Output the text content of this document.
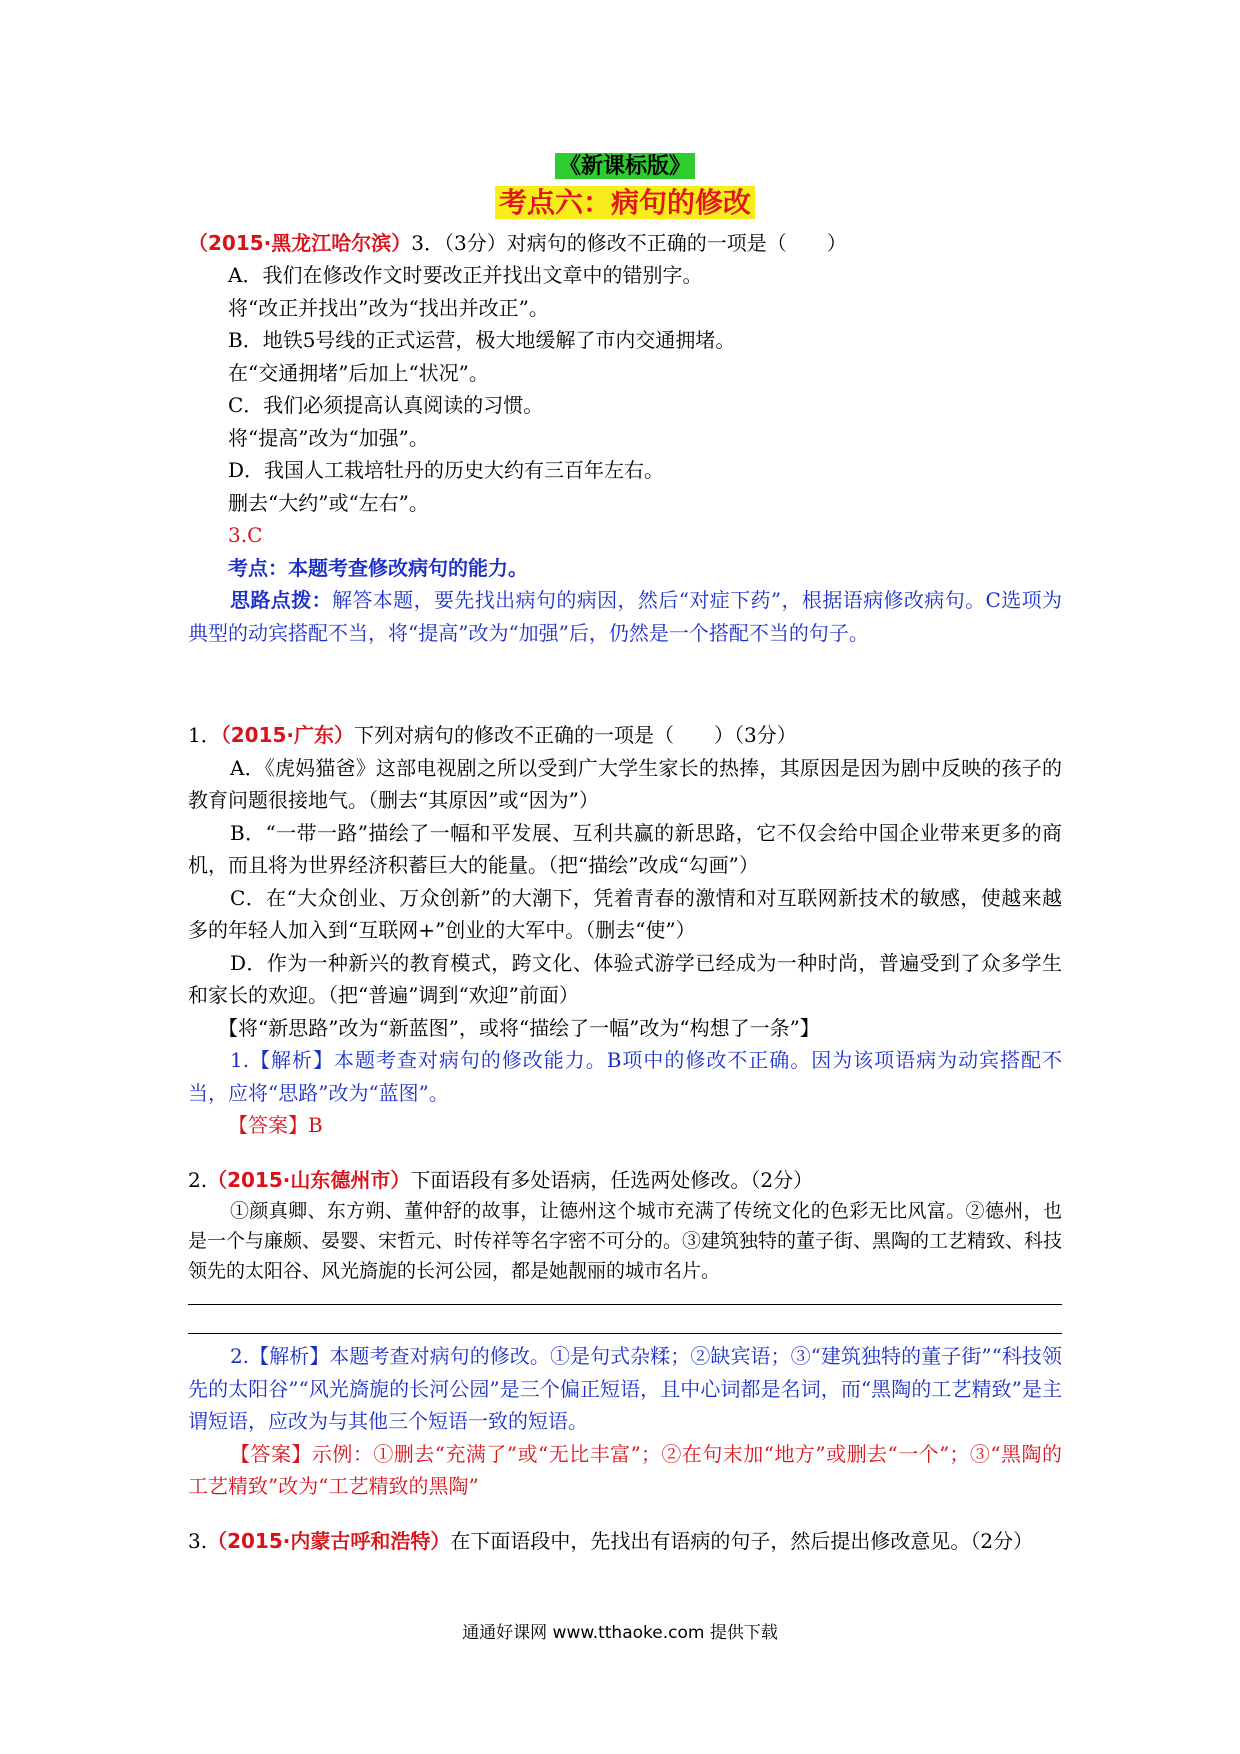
《新课标版》
考点六：病句的修改
（2015·黑龙江哈尔滨）3．（3分）对病句的修改不正确的一项是（　　）
A．我们在修改作文时要改正并找出文章中的错别字。
将“改正并找出”改为“找出并改正”。
B．地铁5号线的正式运营，极大地缓解了市内交通拥堵。
在“交通拥堵”后加上“状况”。
C．我们必须提高认真阅读的习惯。
将“提高”改为“加强”。
D．我国人工栽培牡丹的历史大约有三百年左右。
删去“大约”或“左右”。
3.C
考点：本题考查修改病句的能力。
思路点拨：解答本题，要先找出病句的病因，然后“对症下药”，根据语病修改病句。C选项为典型的动宾搭配不当，将“提高”改为“加强”后，仍然是一个搭配不当的句子。
1．（2015·广东）下列对病句的修改不正确的一项是（　　）（3分）
A．《虎妈猫爸》这部电视剧之所以受到广大学生家长的热捧，其原因是因为剧中反映的孩子的教育问题很接地气。（删去“其原因”或“因为”）
B．“一带一路”描绘了一幅和平发展、互利共赢的新思路，它不仅会给中国企业带来更多的商机，而且将为世界经济积蓄巨大的能量。（把“描绘”改成“勾画”）
C．在“大众创业、万众创新”的大潮下，凭着青春的激情和对互联网新技术的敏感，使越来越多的年轻人加入到“互联网+”创业的大军中。（删去“使”）
D．作为一种新兴的教育模式，跨文化、体验式游学已经成为一种时尚，普遍受到了众多学生和家长的欢迎。（把“普遍”调到“欢迎”前面）
【将“新思路”改为“新蓝图”，或将“描绘了一幅”改为“构想了一条”】
1.【解析】本题考查对病句的修改能力。B项中的修改不正确。因为该项语病为动宾搭配不当，应将“思路”改为“蓝图”。
【答案】B
2.（2015·山东德州市）下面语段有多处语病，任选两处修改。（2分）
①颜真卿、东方朔、董仲舒的故事，让德州这个城市充满了传统文化的色彩无比风富。②德州，也是一个与廉颇、晏婴、宋哲元、时传祥等名字密不可分的。③建筑独特的董子街、黑陶的工艺精致、科技领先的太阳谷、风光旖旎的长河公园，都是她靓丽的城市名片。
2.【解析】本题考查对病句的修改。①是句式杂糅；②缺宾语；③“建筑独特的董子街”“科技领先的太阳谷”“风光旖旎的长河公园”是三个偏正短语，且中心词都是名词，而“黑陶的工艺精致”是主谓短语，应改为与其他三个短语一致的短语。
【答案】示例：①删去“充满了”或“无比丰富”；②在句末加“地方”或删去“一个”；③“黑陶的工艺精致”改为“工艺精致的黑陶”
3.（2015·内蒙古呼和浩特）在下面语段中，先找出有语病的句子，然后提出修改意见。（2分）
通通好课网 www.tthaoke.com 提供下载
